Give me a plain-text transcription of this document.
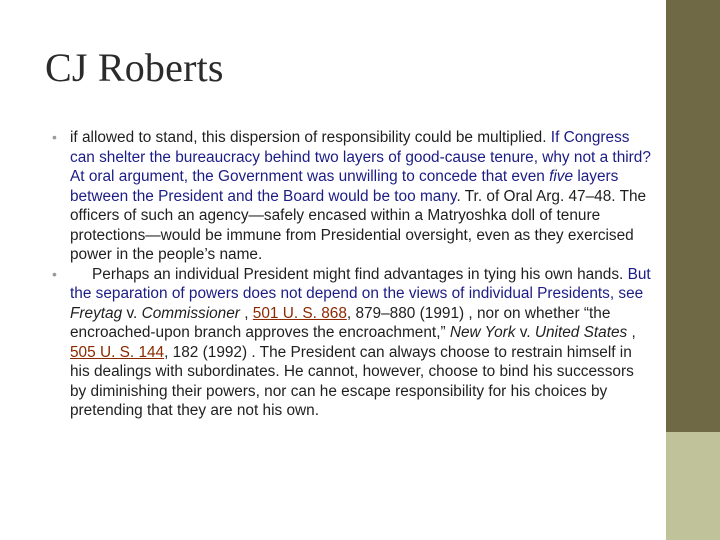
CJ Roberts
• if allowed to stand, this dispersion of responsibility could be multiplied. If Congress can shelter the bureaucracy behind two layers of good-cause tenure, why not a third? At oral argument, the Government was unwilling to concede that even five layers between the President and the Board would be too many. Tr. of Oral Arg. 47–48. The officers of such an agency—safely encased within a Matryoshka doll of tenure protections—would be immune from Presidential oversight, even as they exercised power in the people’s name.
• Perhaps an individual President might find advantages in tying his own hands. But the separation of powers does not depend on the views of individual Presidents, see Freytag v. Commissioner , 501 U. S. 868, 879–880 (1991) , nor on whether “the encroached-upon branch approves the encroachment,” New York v. United States , 505 U. S. 144, 182 (1992) . The President can always choose to restrain himself in his dealings with subordinates. He cannot, however, choose to bind his successors by diminishing their powers, nor can he escape responsibility for his choices by pretending that they are not his own.
